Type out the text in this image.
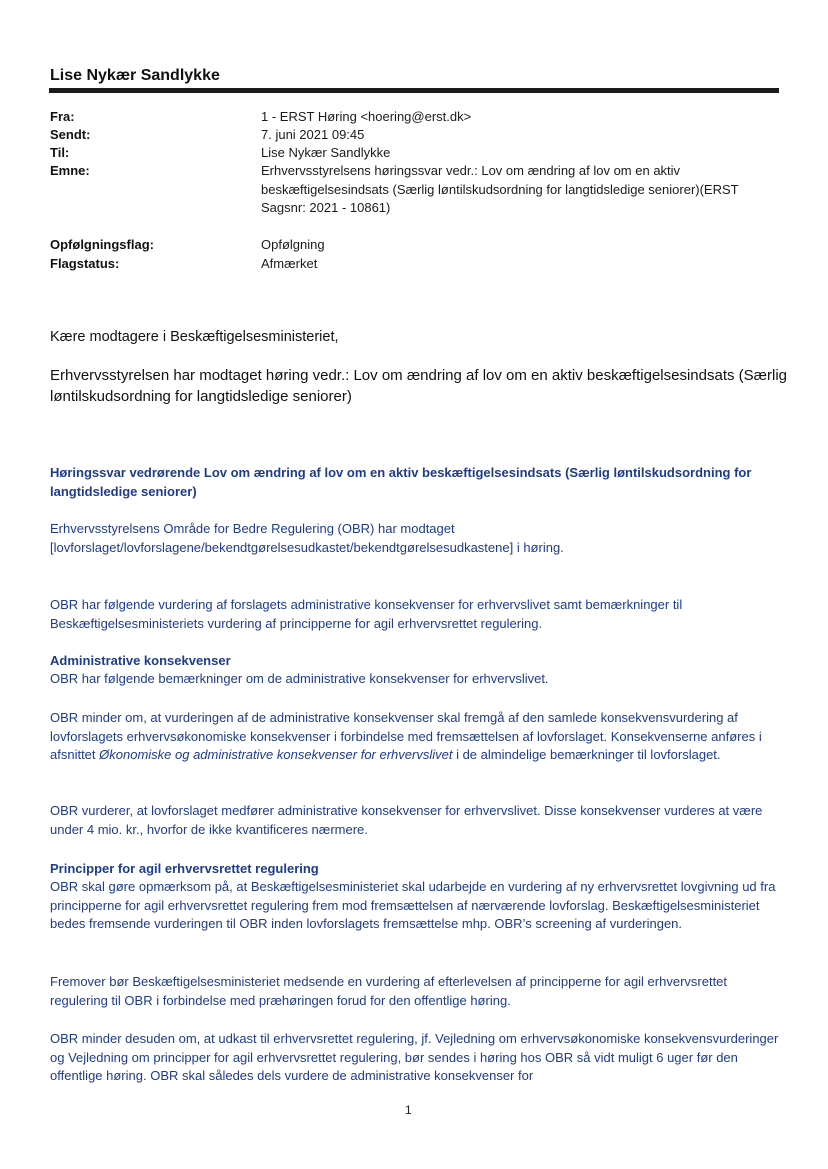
Lise Nykær Sandlykke
Fra:	1 - ERST Høring <hoering@erst.dk>
Sendt:	7. juni 2021 09:45
Til:	Lise Nykær Sandlykke
Emne:	Erhvervsstyrelsens høringssvar vedr.: Lov om ændring af lov om en aktiv beskæftigelsesindsats (Særlig løntilskudsordning for langtidsledige seniorer)(ERST Sagsnr: 2021 - 10861)
Opfølgningsflag:	Opfølgning
Flagstatus:	Afmærket
Kære modtagere i Beskæftigelsesministeriet,
Erhvervsstyrelsen har modtaget høring vedr.: Lov om ændring af lov om en aktiv beskæftigelsesindsats (Særlig løntilskudsordning for langtidsledige seniorer)
Høringssvar vedrørende Lov om ændring af lov om en aktiv beskæftigelsesindsats (Særlig løntilskudsordning for langtidsledige seniorer)
Erhvervsstyrelsens Område for Bedre Regulering (OBR) har modtaget [lovforslaget/lovforslagene/bekendtgørelsesudkastet/bekendtgørelsesudkastene] i høring.
OBR har følgende vurdering af forslagets administrative konsekvenser for erhvervslivet samt bemærkninger til Beskæftigelsesministeriets vurdering af principperne for agil erhvervsrettet regulering.
Administrative konsekvenser
OBR har følgende bemærkninger om de administrative konsekvenser for erhvervslivet.
OBR minder om, at vurderingen af de administrative konsekvenser skal fremgå af den samlede konsekvensvurdering af lovforslagets erhvervsøkonomiske konsekvenser i forbindelse med fremsættelsen af lovforslaget. Konsekvenserne anføres i afsnittet Økonomiske og administrative konsekvenser for erhvervslivet i de almindelige bemærkninger til lovforslaget.
OBR vurderer, at lovforslaget medfører administrative konsekvenser for erhvervslivet. Disse konsekvenser vurderes at være under 4 mio. kr., hvorfor de ikke kvantificeres nærmere.
Principper for agil erhvervsrettet regulering
OBR skal gøre opmærksom på, at Beskæftigelsesministeriet skal udarbejde en vurdering af ny erhvervsrettet lovgivning ud fra principperne for agil erhvervsrettet regulering frem mod fremsættelsen af nærværende lovforslag. Beskæftigelsesministeriet bedes fremsende vurderingen til OBR inden lovforslagets fremsættelse mhp. OBR’s screening af vurderingen.
Fremover bør Beskæftigelsesministeriet medsende en vurdering af efterlevelsen af principperne for agil erhvervsrettet regulering til OBR i forbindelse med præhøringen forud for den offentlige høring.
OBR minder desuden om, at udkast til erhvervsrettet regulering, jf. Vejledning om erhvervsøkonomiske konsekvensvurderinger og Vejledning om principper for agil erhvervsrettet regulering, bør sendes i høring hos OBR så vidt muligt 6 uger før den offentlige høring. OBR skal således dels vurdere de administrative konsekvenser for
1
